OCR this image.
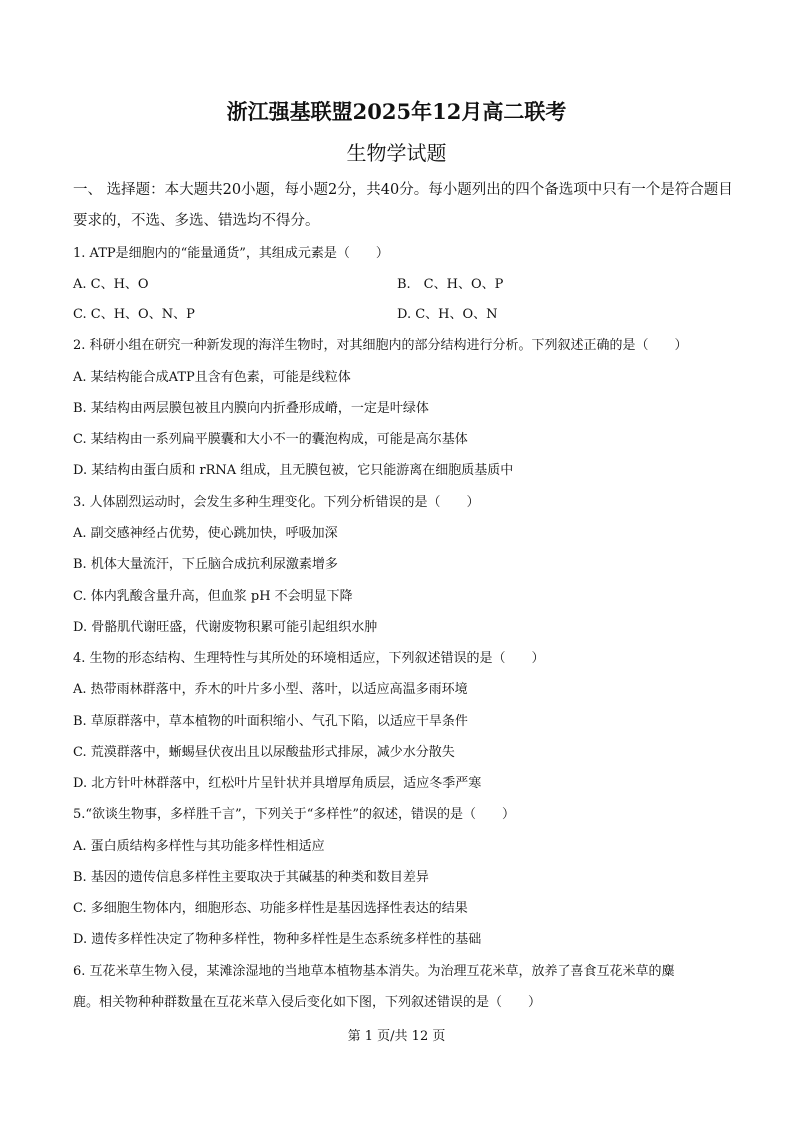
浙江强基联盟2025年12月高二联考
生物学试题
一、 选择题：本大题共20小题，每小题2分，共40分。每小题列出的四个备选项中只有一个是符合题目要求的，不选、多选、错选均不得分。
1. ATP是细胞内的“能量通货”，其组成元素是（　　）
A. C、H、O	B.　C、H、O、P
C. C、H、O、N、P	D. C、H、O、N
2. 科研小组在研究一种新发现的海洋生物时，对其细胞内的部分结构进行分析。下列叙述正确的是（　　）
A. 某结构能合成ATP且含有色素，可能是线粒体
B. 某结构由两层膜包被且内膜向内折叠形成嵴，一定是叶绿体
C. 某结构由一系列扁平膜囊和大小不一的囊泡构成，可能是高尔基体
D. 某结构由蛋白质和 rRNA 组成，且无膜包被，它只能游离在细胞质基质中
3. 人体剧烈运动时，会发生多种生理变化。下列分析错误的是（　　）
A. 副交感神经占优势，使心跳加快，呼吸加深
B. 机体大量流汗，下丘脑合成抗利尿激素增多
C. 体内乳酸含量升高，但血浆 pH 不会明显下降
D. 骨骼肌代谢旺盛，代谢废物积累可能引起组织水肿
4. 生物的形态结构、生理特性与其所处的环境相适应，下列叙述错误的是（　　）
A. 热带雨林群落中，乔木的叶片多小型、落叶，以适应高温多雨环境
B. 草原群落中，草本植物的叶面积缩小、气孔下陷，以适应干旱条件
C. 荒漠群落中，蜥蜴昼伏夜出且以尿酸盐形式排尿，减少水分散失
D. 北方针叶林群落中，红松叶片呈针状并具增厚角质层，适应冬季严寒
5.“欲谈生物事，多样胜千言”，下列关于“多样性”的叙述，错误的是（　　）
A. 蛋白质结构多样性与其功能多样性相适应
B. 基因的遗传信息多样性主要取决于其碱基的种类和数目差异
C. 多细胞生物体内，细胞形态、功能多样性是基因选择性表达的结果
D. 遗传多样性决定了物种多样性，物种多样性是生态系统多样性的基础
6. 互花米草生物入侵，某滩涂湿地的当地草本植物基本消失。为治理互花米草，放养了喜食互花米草的麋
鹿。相关物种种群数量在互花米草入侵后变化如下图，下列叙述错误的是（　　）
第 1 页/共 12 页
